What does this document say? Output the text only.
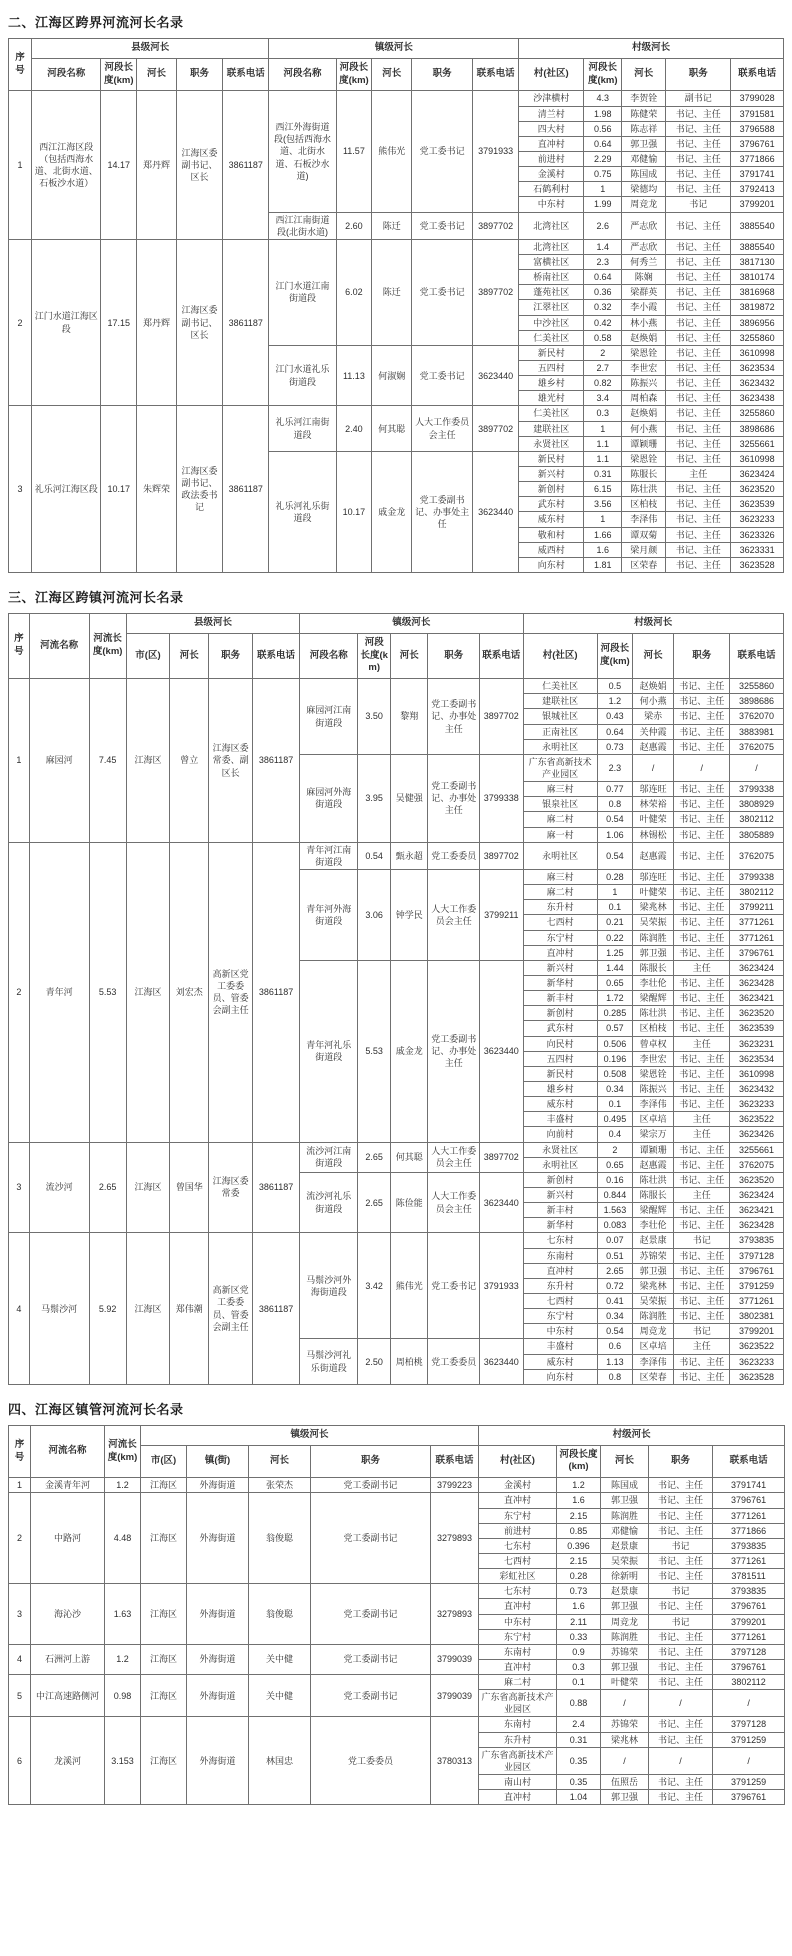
二、江海区跨界河流河长名录
序号	县级河长					镇级河长					村级河长				
	河段名称	河段长度(km)	河长	职务	联系电话	河段名称	河段长度(km)	河长	职务	联系电话	村(社区)	河段长度(km)	河长	职务	联系电话
1	西江江海区段（包括西海水道、北街水道、石板沙水道）	14.17	郑丹辉	江海区委副书记、区长	3861187	西江外海街道段(包括西海水道、北街水道、石板沙水道)	11.57	熊伟光	党工委书记	3791933	沙津横村	4.3	李贺铨	副书记	3799028
											清兰村	1.98	陈健荣	书记、主任	3791581
											四大村	0.56	陈志祥	书记、主任	3796588
											直冲村	0.64	郭卫强	书记、主任	3796761
											前进村	2.29	邓健愉	书记、主任	3771866
											金溪村	0.75	陈国成	书记、主任	3791741
											石鹤利村	1	梁德均	书记、主任	3792413
											中东村	1.99	周竞龙	书记	3799201
						西江江南街道段(北街水道)	2.60	陈迁	党工委书记	3897702	北湾社区	2.6	严志欣	书记、主任	3885540
2	江门水道江海区段	17.15	郑丹辉	江海区委副书记、区长	3861187	江门水道江南街道段	6.02	陈迁	党工委书记	3897702	北湾社区	1.4	严志欣	书记、主任	3885540
											富横社区	2.3	何秀兰	书记、主任	3817130
											桥南社区	0.64	陈娴	书记、主任	3810174
											蓬苑社区	0.36	梁群英	书记、主任	3816968
											江翠社区	0.32	李小霞	书记、主任	3819872
											中沙社区	0.42	林小燕	书记、主任	3896956
											仁美社区	0.58	赵焕娟	书记、主任	3255860
						江门水道礼乐街道段	11.13	何淑娴	党工委书记	3623440	新民村	2	梁恩铨	书记、主任	3610998
											五四村	2.7	李世宏	书记、主任	3623534
											雄乡村	0.82	陈振兴	书记、主任	3623432
											雄光村	3.4	周柏森	书记、主任	3623438
3	礼乐河江海区段	10.17	朱辉荣	江海区委副书记、政法委书记	3861187	礼乐河江南街道段	2.40	何其聪	人大工作委员会主任	3897702	仁美社区	0.3	赵焕娟	书记、主任	3255860
											建联社区	1	何小燕	书记、主任	3898686
											永贤社区	1.1	谭颖珊	书记、主任	3255661
						礼乐河礼乐街道段	10.17	戚金龙	党工委副书记、办事处主任	3623440	新民村	1.1	梁恩铨	书记、主任	3610998
											新兴村	0.31	陈服长	主任	3623424
											新创村	6.15	陈壮洪	书记、主任	3623520
											武东村	3.56	区柏枝	书记、主任	3623539
											威东村	1	李泽伟	书记、主任	3623233
											敬和村	1.66	谭双菊	书记、主任	3623326
											威西村	1.6	梁月颜	书记、主任	3623331
											向东村	1.81	区荣春	书记、主任	3623528
三、江海区跨镇河流河长名录
序号	河流名称	河流长度(km)	县级河长				镇级河长					村级河长				
			市(区)	河长	职务	联系电话	河段名称	河段长度(km)	河长	职务	联系电话	村(社区)	河段长度(km)	河长	职务	联系电话
1	麻园河	7.45	江海区	曾立	江海区委常委、副区长	3861187	麻园河江南街道段	3.50	黎翔	党工委副书记、办事处主任	3897702	仁美社区	0.5	赵焕娟	书记、主任	3255860
												建联社区	1.2	何小燕	书记、主任	3898686
												银城社区	0.43	梁赤	书记、主任	3762070
												正南社区	0.64	关仲霞	书记、主任	3883981
												永明社区	0.73	赵惠霞	书记、主任	3762075
							麻园河外海街道段	3.95	吴健强	党工委副书记、办事处主任	3799338	广东省高新技术产业园区	2.3	/	/	/
												麻三村	0.77	邬连旺	书记、主任	3799338
												银泉社区	0.8	林荣裕	书记、主任	3808929
												麻二村	0.54	叶健荣	书记、主任	3802112
												麻一村	1.06	林锡松	书记、主任	3805889
2	青年河	5.53	江海区	刘宏杰	高新区党工委委员、管委会副主任	3861187	青年河江南街道段	0.54	甄永超	党工委委员	3897702	永明社区	0.54	赵惠霞	书记、主任	3762075
							青年河外海街道段	3.06	钟学民	人大工作委员会主任	3799211	麻三村	0.28	邬连旺	书记、主任	3799338
												麻二村	1	叶健荣	书记、主任	3802112
												东升村	0.1	梁兆林	书记、主任	3799211
												七西村	0.21	吴荣振	书记、主任	3771261
												东宁村	0.22	陈润胜	书记、主任	3771261
												直冲村	1.25	郭卫强	书记、主任	3796761
							青年河礼乐街道段	5.53	戚金龙	党工委副书记、办事处主任	3623440	新兴村	1.44	陈服长	主任	3623424
												新华村	0.65	李壮伦	书记、主任	3623428
												新丰村	1.72	梁醒辉	书记、主任	3623421
												新创村	0.285	陈壮洪	书记、主任	3623520
												武东村	0.57	区柏枝	书记、主任	3623539
												向民村	0.506	曾卓权	主任	3623231
												五四村	0.196	李世宏	书记、主任	3623534
												新民村	0.508	梁恩铨	书记、主任	3610998
												雄乡村	0.34	陈振兴	书记、主任	3623432
												威东村	0.1	李泽伟	书记、主任	3623233
												丰盛村	0.495	区卓培	主任	3623522
												向前村	0.4	梁宗万	主任	3623426
3	流沙河	2.65	江海区	曾国华	江海区委常委	3861187	流沙河江南街道段	2.65	何其聪	人大工作委员会主任	3897702	永贤社区	2	谭颖珊	书记、主任	3255661
												永明社区	0.65	赵惠霞	书记、主任	3762075
							流沙河礼乐街道段	2.65	陈俭能	人大工作委员会主任	3623440	新创村	0.16	陈壮洪	书记、主任	3623520
												新兴村	0.844	陈服长	主任	3623424
												新丰村	1.563	梁醒辉	书记、主任	3623421
												新华村	0.083	李壮伦	书记、主任	3623428
4	马鬃沙河	5.92	江海区	郑伟潮	高新区党工委委员、管委会副主任	3861187	马鬃沙河外海街道段	3.42	熊伟光	党工委书记	3791933	七东村	0.07	赵景康	书记	3793835
												东南村	0.51	苏锦荣	书记、主任	3797128
												直冲村	2.65	郭卫强	书记、主任	3796761
												东升村	0.72	梁兆林	书记、主任	3791259
												七西村	0.41	吴荣振	书记、主任	3771261
												东宁村	0.34	陈润胜	书记、主任	3802381
												中东村	0.54	周竞龙	书记	3799201
							马鬃沙河礼乐街道段	2.50	周柏桃	党工委委员	3623440	丰盛村	0.6	区卓培	主任	3623522
												威东村	1.13	李泽伟	书记、主任	3623233
												向东村	0.8	区荣春	书记、主任	3623528
四、江海区镇管河流河长名录
序号	河流名称	河流长度(km)	镇级河长					村级河长				
			市(区)	镇(街)	河长	职务	联系电话	村(社区)	河段长度(km)	河长	职务	联系电话
1	金溪青年河	1.2	江海区	外海街道	张荣杰	党工委副书记	3799223	金溪村	1.2	陈国成	书记、主任	3791741
2	中路河	4.48	江海区	外海街道	翁俊聪	党工委副书记	3279893	直冲村	1.6	郭卫强	书记、主任	3796761
								东宁村	2.15	陈润胜	书记、主任	3771261
								前进村	0.85	邓健愉	书记、主任	3771866
								七东村	0.396	赵景康	书记	3793835
								七西村	2.15	吴荣振	书记、主任	3771261
								彩虹社区	0.28	徐新明	书记、主任	3781511
3	海沁沙	1.63	江海区	外海街道	翁俊聪	党工委副书记	3279893	七东村	0.73	赵景康	书记	3793835
								直冲村	1.6	郭卫强	书记、主任	3796761
								中东村	2.11	周竞龙	书记	3799201
								东宁村	0.33	陈润胜	书记、主任	3771261
4	石洲河上游	1.2	江海区	外海街道	关中健	党工委副书记	3799039	东南村	0.9	苏锦荣	书记、主任	3797128
								直冲村	0.3	郭卫强	书记、主任	3796761
5	中江高速路侧河	0.98	江海区	外海街道	关中健	党工委副书记	3799039	麻二村	0.1	叶健荣	书记、主任	3802112
								广东省高新技术产业园区	0.88	/	/	/
6	龙溪河	3.153	江海区	外海街道	林国忠	党工委委员	3780313	东南村	2.4	苏锦荣	书记、主任	3797128
								东升村	0.31	梁兆林	书记、主任	3791259
								广东省高新技术产业园区	0.35	/	/	/
								南山村	0.35	伍照岳	书记、主任	3791259
								直冲村	1.04	郭卫强	书记、主任	3796761
